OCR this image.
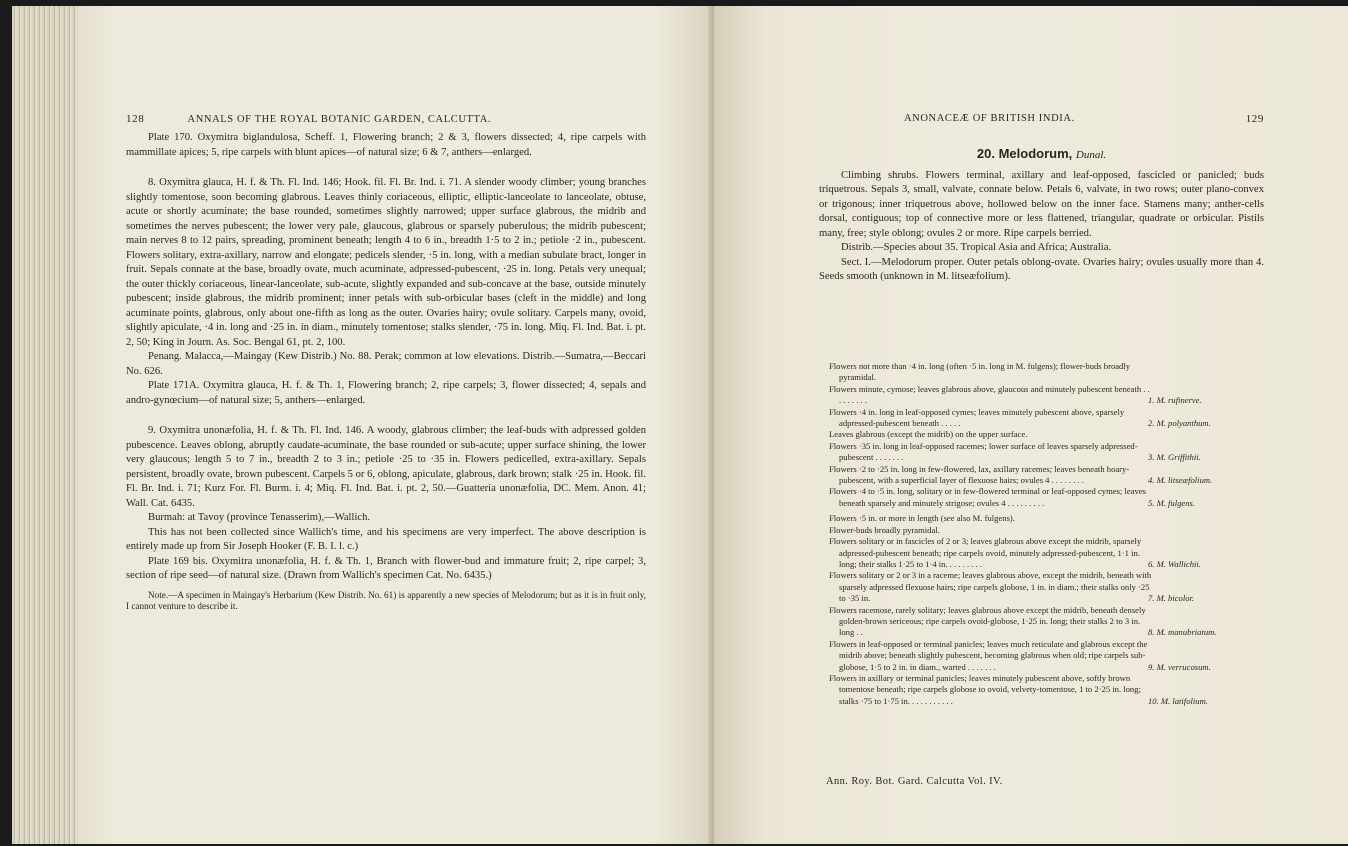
128	ANNALS OF THE ROYAL BOTANIC GARDEN, CALCUTTA.

Plate 170. Oxymitra biglandulosa, Scheff. 1, Flowering branch; 2 & 3, flowers dissected; 4, ripe carpels with mammillate apices; 5, ripe carpels with blunt apices—of natural size; 6 & 7, anthers—enlarged.

8. Oxymitra glauca, H. f. & Th. Fl. Ind. 146; Hook. fil. Fl. Br. Ind. i. 71. A slender woody climber; young branches slightly tomentose, soon becoming glabrous. Leaves thinly coriaceous, elliptic, elliptic-lanceolate to lanceolate, obtuse, acute or shortly acuminate; the base rounded, sometimes slightly narrowed; upper surface glabrous, the midrib and sometimes the nerves pubescent; the lower very pale, glaucous, glabrous or sparsely puberulous; the midrib pubescent; main nerves 8 to 12 pairs, spreading, prominent beneath; length 4 to 6 in., breadth 1·5 to 2 in.; petiole ·2 in., pubescent. Flowers solitary, extra-axillary, narrow and elongate; pedicels slender, ·5 in. long, with a median subulate bract, longer in fruit. Sepals connate at the base, broadly ovate, much acuminate, adpressed-pubescent, ·25 in. long. Petals very unequal; the outer thickly coriaceous, linear-lanceolate, sub-acute, slightly expanded and sub-concave at the base, outside minutely pubescent; inside glabrous, the midrib prominent; inner petals with sub-orbicular bases (cleft in the middle) and long acuminate points, glabrous, only about one-fifth as long as the outer. Ovaries hairy; ovule solitary. Carpels many, ovoid, slightly apiculate, ·4 in. long and ·25 in. in diam., minutely tomentose; stalks slender, ·75 in. long. Miq. Fl. Ind. Bat. i. pt. 2, 50; King in Journ. As. Soc. Bengal 61, pt. 2, 100.

Penang. Malacca,—Maingay (Kew Distrib.) No. 88. Perak; common at low elevations. Distrib.—Sumatra,—Beccari No. 626.

Plate 171A. Oxymitra glauca, H. f. & Th. 1, Flowering branch; 2, ripe carpels; 3, flower dissected; 4, sepals and andro-gynœcium—of natural size; 5, anthers—enlarged.

9. Oxymitra unonæfolia, H. f. & Th. Fl. Ind. 146. A woody, glabrous climber; the leaf-buds with adpressed golden pubescence. Leaves oblong, abruptly caudate-acuminate, the base rounded or sub-acute; upper surface shining, the lower very glaucous; length 5 to 7 in., breadth 2 to 3 in.; petiole ·25 to ·35 in. Flowers pedicelled, extra-axillary. Sepals persistent, broadly ovate, brown pubescent. Carpels 5 or 6, oblong, apiculate, glabrous, dark brown; stalk ·25 in. Hook. fil. Fl. Br. Ind. i. 71; Kurz For. Fl. Burm. i. 4; Miq. Fl. Ind. Bat. i. pt. 2, 50.—Guatteria unonæfolia, DC. Mem. Anon. 41; Wall. Cat. 6435.

Burmah: at Tavoy (province Tenasserim),—Wallich.

This has not been collected since Wallich's time, and his specimens are very imperfect. The above description is entirely made up from Sir Joseph Hooker (F. B. I. l. c.)

Plate 169 bis. Oxymitra unonæfolia, H. f. & Th. 1, Branch with flower-bud and immature fruit; 2, ripe carpel; 3, section of ripe seed—of natural size. (Drawn from Wallich's specimen Cat. No. 6435.)

Note.—A specimen in Maingay's Herbarium (Kew Distrib. No. 61) is apparently a new species of Melodorum; but as it is in fruit only, I cannot venture to describe it.

ANONACEÆ OF BRITISH INDIA.	129
20. Melodorum, Dunal.

Climbing shrubs. Flowers terminal, axillary and leaf-opposed, fascicled or panicled; buds triquetrous. Sepals 3, small, valvate, connate below. Petals 6, valvate, in two rows; outer plano-convex or trigonous; inner triquetrous above, hollowed below on the inner face. Stamens many; anther-cells dorsal, contiguous; top of connective more or less flattened, triangular, quadrate or orbicular. Pistils many, free; style oblong; ovules 2 or more. Ripe carpels berried.

Distrib.—Species about 35. Tropical Asia and Africa; Australia.

Sect. I.—Melodorum proper. Outer petals oblong-ovate. Ovaries hairy; ovules usually more than 4. Seeds smooth (unknown in M. litseæfolium).

Flowers not more than ·4 in. long (often ·5 in. long in M. fulgens); flower-buds broadly pyramidal.
Flowers minute, cymose; leaves glabrous above, glaucous and minutely pubescent beneath . . . . . . . . .	1. M. rufinerve.
Flowers ·4 in. long in leaf-opposed cymes; leaves minutely pubescent above, sparsely adpressed-pubescent beneath . . . . .	2. M. polyanthum.
Leaves glabrous (except the midrib) on the upper surface.
Flowers ·35 in. long in leaf-opposed racemes; lower surface of leaves sparsely adpressed-pubescent . . . . . . .	3. M. Griffithii.
Flowers ·2 to ·25 in. long in few-flowered, lax, axillary racemes; leaves beneath hoary-pubescent, with a superficial layer of flexuose hairs; ovules 4 . . . . . . . .	4. M. litseæfolium.
Flowers ·4 to ·5 in. long, solitary or in few-flowered terminal or leaf-opposed cymes; leaves beneath sparsely and minutely strigose; ovules 4 . . . . . . . . .	5. M. fulgens.
Flowers ·5 in. or more in length (see also M. fulgens).
Flower-buds broadly pyramidal.
Flowers solitary or in fascicles of 2 or 3; leaves glabrous above except the midrib, sparsely adpressed-pubescent beneath; ripe carpels ovoid, minutely adpressed-pubescent, 1·1 in. long; their stalks 1·25 to 1·4 in. . . . . . . . .	6. M. Wallichii.
Flowers solitary or 2 or 3 in a raceme; leaves glabrous above, except the midrib, beneath with sparsely adpressed flexuose hairs; ripe carpels globose, 1 in. in diam.; their stalks only ·25 to ·35 in.	7. M. bicolor.
Flowers racemose, rarely solitary; leaves glabrous above except the midrib, beneath densely golden-brown sericeous; ripe carpels ovoid-globose, 1·25 in. long; their stalks 2 to 3 in. long . .	8. M. manubriatum.
Flowers in leaf-opposed or terminal panicles; leaves much reticulate and glabrous except the midrib above; beneath slightly pubescent, becoming glabrous when old; ripe carpels sub-globose, 1·5 to 2 in. in diam., warted . . . . . . .	9. M. verrucosum.
Flowers in axillary or terminal panicles; leaves minutely pubescent above, softly brown tomentose beneath; ripe carpels globose to ovoid, velvety-tomentose, 1 to 2·25 in. long; stalks ·75 to 1·75 in. . . . . . . . . . .	10. M. latifolium.
Ann. Roy. Bot. Gard. Calcutta Vol. IV.
